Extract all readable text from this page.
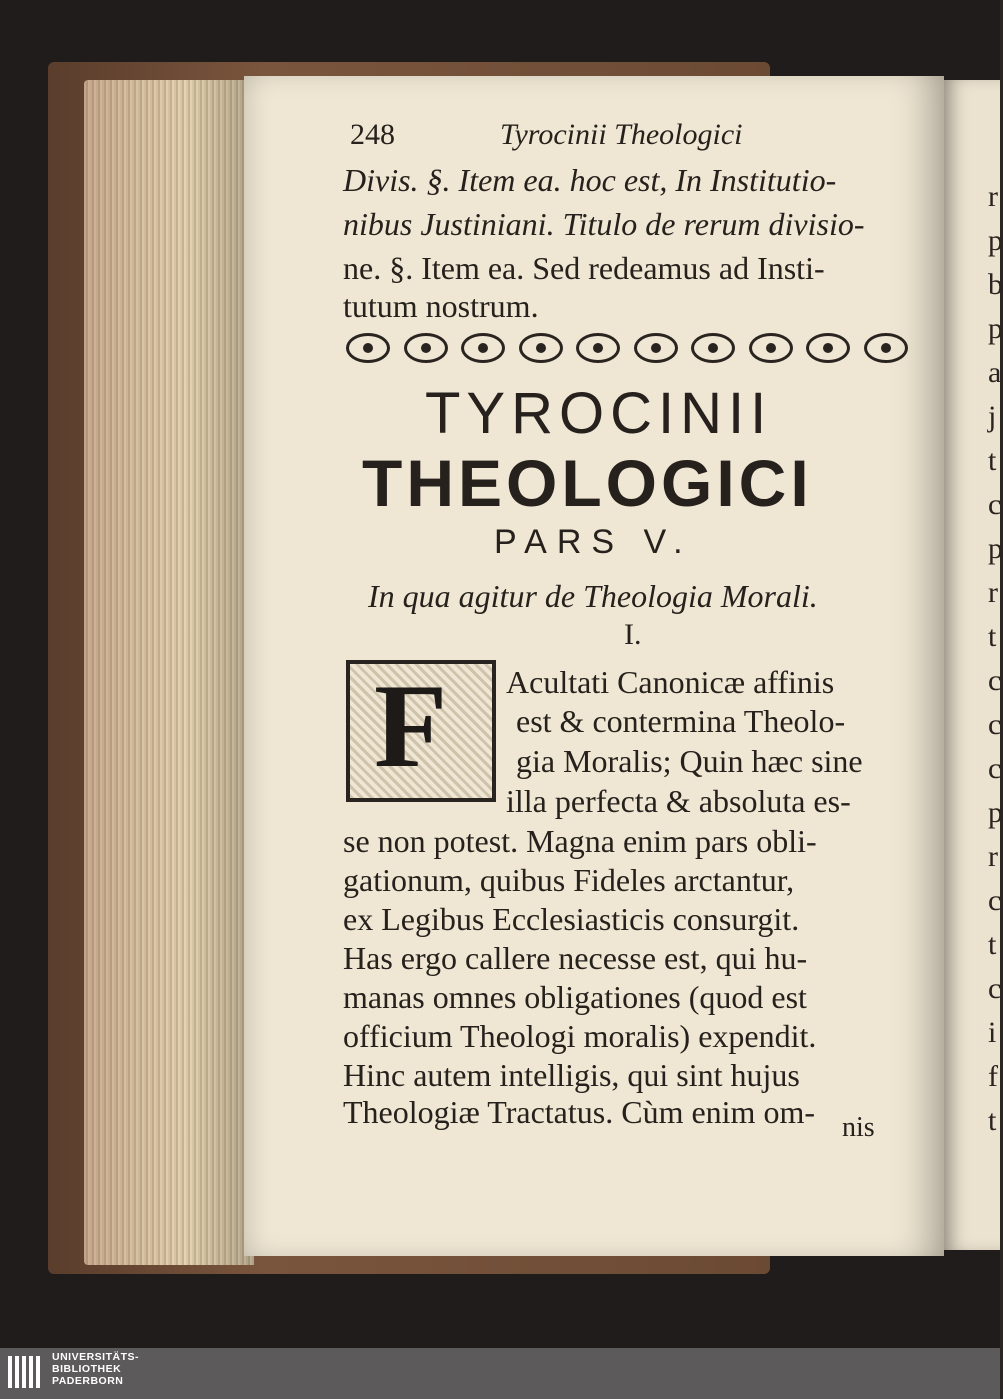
r
p
b
p
a
j
t
c
p
r
t
c
c
c
p
r
c
t
c
i
f
t
248	Tyrocinii Theologici
Divis. §. Item ea. hoc est, In Institutio-
nibus Justiniani. Titulo de rerum divisio-
ne. §. Item ea. Sed redeamus ad Insti-
tutum nostrum.
TYROCINII
THEOLOGICI
PARS V.
In qua agitur de Theologia Morali.
I.
F Acultati Canonicæ affinis
est & contermina Theolo-
gia Moralis; Quin hæc sine
illa perfecta & absoluta es-
se non potest. Magna enim pars obli-
gationum, quibus Fideles arctantur,
ex Legibus Ecclesiasticis consurgit.
Has ergo callere necesse est, qui hu-
manas omnes obligationes (quod est
officium Theologi moralis) expendit.
Hinc autem intelligis, qui sint hujus
Theologiæ Tractatus. Cùm enim om- nis
UNIVERSITÄTS-
BIBLIOTHEK
PADERBORN
